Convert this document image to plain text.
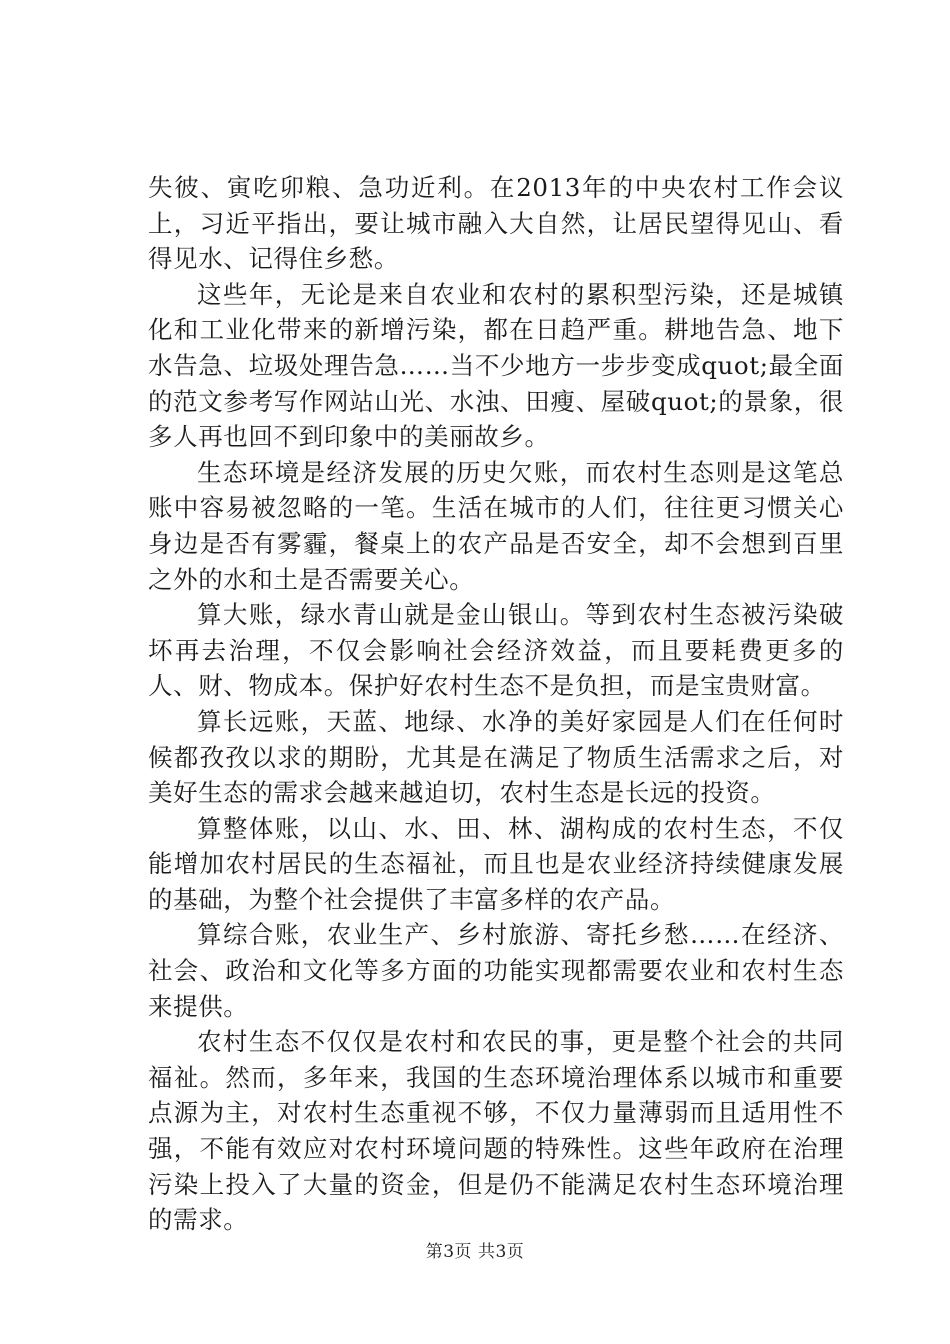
失彼、寅吃卯粮、急功近利。在2013年的中央农村工作会议上，习近平指出，要让城市融入大自然，让居民望得见山、看得见水、记得住乡愁。

这些年，无论是来自农业和农村的累积型污染，还是城镇化和工业化带来的新增污染，都在日趋严重。耕地告急、地下水告急、垃圾处理告急……当不少地方一步步变成quot;最全面的范文参考写作网站山光、水浊、田瘦、屋破quot;的景象，很多人再也回不到印象中的美丽故乡。

生态环境是经济发展的历史欠账，而农村生态则是这笔总账中容易被忽略的一笔。生活在城市的人们，往往更习惯关心身边是否有雾霾，餐桌上的农产品是否安全，却不会想到百里之外的水和土是否需要关心。

算大账，绿水青山就是金山银山。等到农村生态被污染破坏再去治理，不仅会影响社会经济效益，而且要耗费更多的人、财、物成本。保护好农村生态不是负担，而是宝贵财富。

算长远账，天蓝、地绿、水净的美好家园是人们在任何时候都孜孜以求的期盼，尤其是在满足了物质生活需求之后，对美好生态的需求会越来越迫切，农村生态是长远的投资。

算整体账，以山、水、田、林、湖构成的农村生态，不仅能增加农村居民的生态福祉，而且也是农业经济持续健康发展的基础，为整个社会提供了丰富多样的农产品。

算综合账，农业生产、乡村旅游、寄托乡愁……在经济、社会、政治和文化等多方面的功能实现都需要农业和农村生态来提供。

农村生态不仅仅是农村和农民的事，更是整个社会的共同福祉。然而，多年来，我国的生态环境治理体系以城市和重要点源为主，对农村生态重视不够，不仅力量薄弱而且适用性不强，不能有效应对农村环境问题的特殊性。这些年政府在治理污染上投入了大量的资金，但是仍不能满足农村生态环境治理的需求。

第3页 共3页
